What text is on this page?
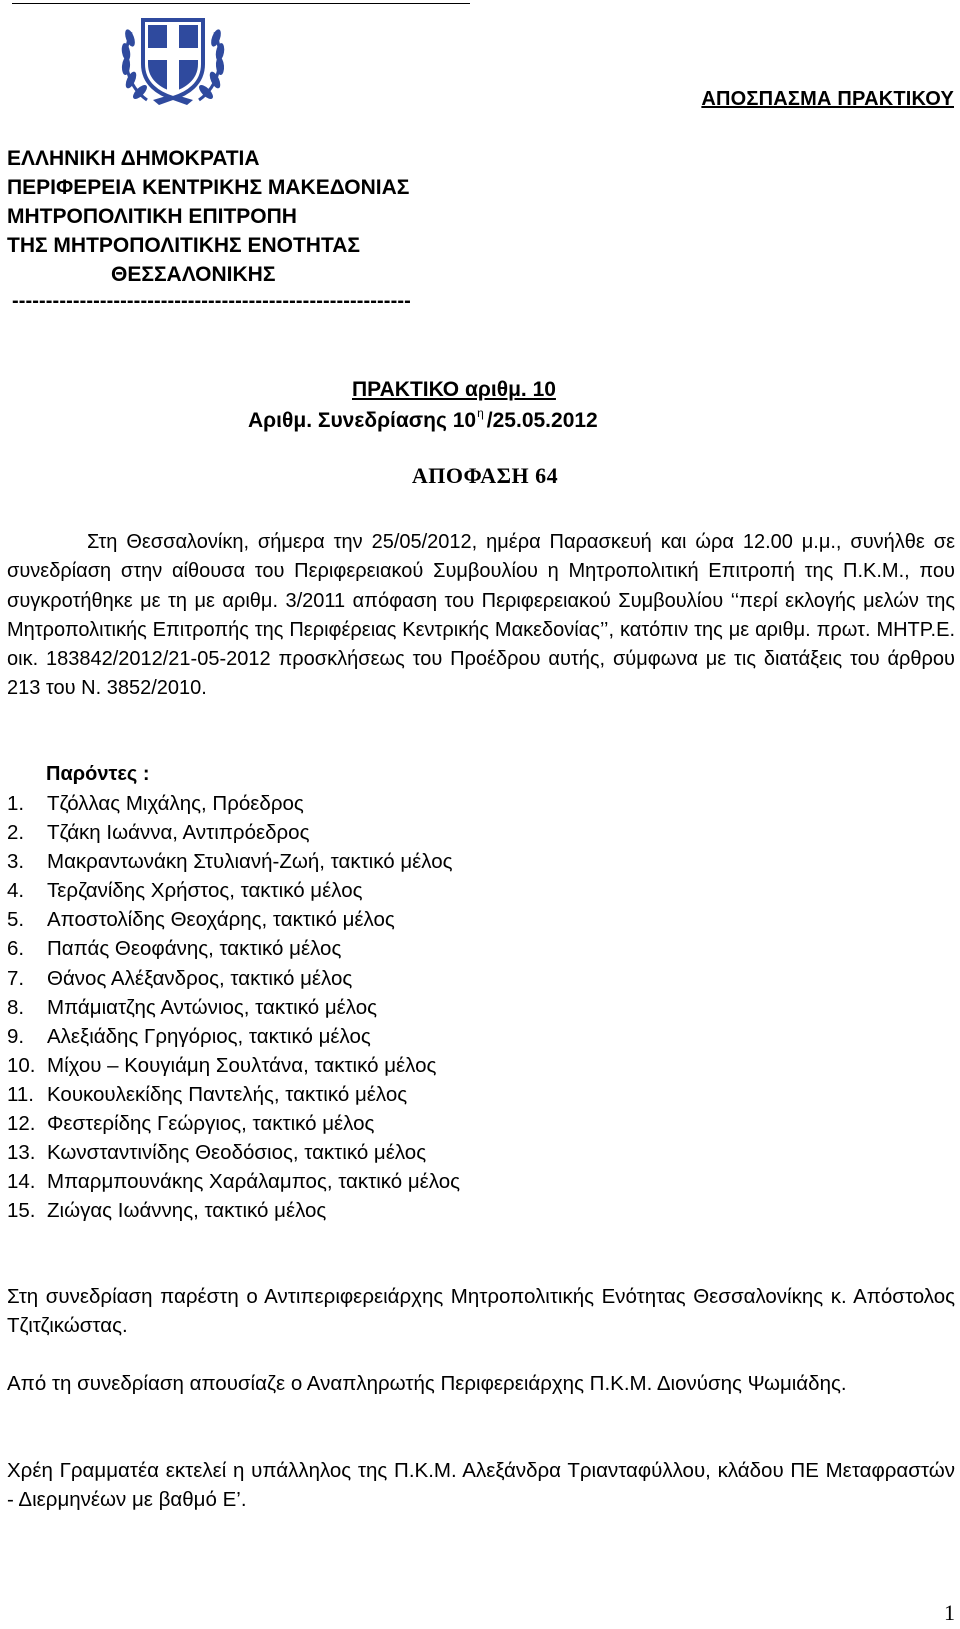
ΑΠΟΣΠΑΣΜΑ ΠΡΑΚΤΙΚΟΥ
ΕΛΛΗΝΙΚΗ ΔΗΜΟΚΡΑΤΙΑ
ΠΕΡΙΦΕΡΕΙΑ ΚΕΝΤΡΙΚΗΣ ΜΑΚΕΔΟΝΙΑΣ
ΜΗΤΡΟΠΟΛΙΤΙΚΗ ΕΠΙΤΡΟΠΗ
ΤΗΣ ΜΗΤΡΟΠΟΛΙΤΙΚΗΣ ΕΝΟΤΗΤΑΣ
ΘΕΣΣΑΛΟΝΙΚΗΣ
-----------------------------------------------------------
ΠΡΑΚΤΙΚΟ αριθμ. 10
Αριθμ. Συνεδρίασης $10^\eta$ /25.05.2012
ΑΠΟΦΑΣΗ 64
Στη Θεσσαλονίκη, σήμερα την 25/05/2012, ημέρα Παρασκευή και ώρα 12.00 μ.μ., συνήλθε σε συνεδρίαση στην αίθουσα του Περιφερειακού Συμβουλίου η Μητροπολιτική Επιτροπή της Π.Κ.Μ., που συγκροτήθηκε με τη με αριθμ. 3/2011 απόφαση του Περιφερειακού Συμβουλίου ‘‘περί εκλογής μελών της Μητροπολιτικής Επιτροπής της Περιφέρειας Κεντρικής Μακεδονίας’’, κατόπιν της με αριθμ. πρωτ. ΜΗΤΡ.Ε. οικ. 183842/2012/21-05-2012 προσκλήσεως του Προέδρου αυτής, σύμφωνα με τις διατάξεις του άρθρου 213 του Ν. 3852/2010.
Παρόντες :
1. Τζόλλας Μιχάλης, Πρόεδρος
2. Τζάκη Ιωάννα, Αντιπρόεδρος
3. Μακραντωνάκη Στυλιανή-Ζωή, τακτικό μέλος
4. Τερζανίδης Χρήστος, τακτικό μέλος
5. Αποστολίδης Θεοχάρης, τακτικό μέλος
6. Παπάς Θεοφάνης, τακτικό μέλος
7. Θάνος Αλέξανδρος, τακτικό μέλος
8. Μπάμιατζης Αντώνιος, τακτικό μέλος
9. Αλεξιάδης Γρηγόριος, τακτικό μέλος
10. Μίχου – Κουγιάμη Σουλτάνα, τακτικό μέλος
11. Κουκουλεκίδης Παντελής, τακτικό μέλος
12. Φεστερίδης Γεώργιος, τακτικό μέλος
13. Κωνσταντινίδης Θεοδόσιος, τακτικό μέλος
14. Μπαρμπουνάκης Χαράλαμπος, τακτικό μέλος
15. Ζιώγας Ιωάννης, τακτικό μέλος
Στη συνεδρίαση παρέστη ο Αντιπεριφερειάρχης Μητροπολιτικής Ενότητας Θεσσαλονίκης κ. Απόστολος Τζιτζικώστας.
Από τη συνεδρίαση απουσίαζε ο Αναπληρωτής Περιφερειάρχης Π.Κ.Μ. Διονύσης Ψωμιάδης.
Χρέη Γραμματέα εκτελεί η υπάλληλος της Π.Κ.Μ. Αλεξάνδρα Τριανταφύλλου, κλάδου ΠΕ Μεταφραστών - Διερμηνέων με βαθμό Ε’.
1
